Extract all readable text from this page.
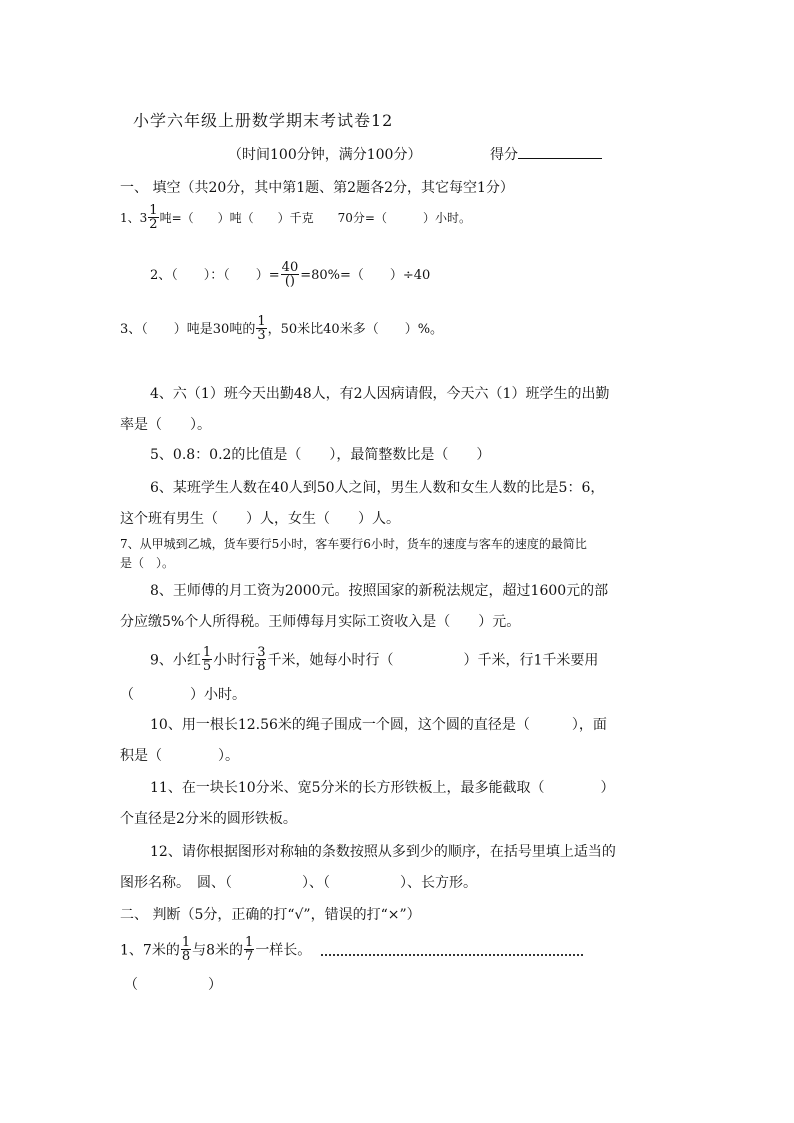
小学六年级上册数学期末考试卷12
（时间100分钟，满分100分）	得分
一、 填空（共20分，其中第1题、第2题各2分，其它每空1分）
1、$3 \frac{1}{2}$ 吨=（　　）吨（　　）千克　　70分=（　　　）小时。
2、（　　）：（　　）= $\frac{40}{()} =80\%=$（　　）÷40
3、（　　）吨是30吨的 $\frac{1}{3}$ ，50米比40米多（　　）%。
4、六（1）班今天出勤48人，有2人因病请假，今天六（1）班学生的出勤
率是（　　）。
5、0.8：0.2的比值是（　　），最简整数比是（　　）
6、某班学生人数在40人到50人之间，男生人数和女生人数的比是5：6，
这个班有男生（　　）人，女生（　　）人。
7、从甲城到乙城，货车要行5小时，客车要行6小时，货车的速度与客车的速度的最简比
是（　）。
8、王师傅的月工资为2000元。按照国家的新税法规定，超过1600元的部
分应缴5%个人所得税。王师傅每月实际工资收入是（　　）元。
9、小红 $\frac{1}{5}$ 小时行 $\frac{3}{8}$ 千米，她每小时行（　　　　　）千米，行1千米要用
（　　　　）小时。
10、用一根长12.56米的绳子围成一个圆，这个圆的直径是（　　　），面
积是（　　　　）。
11、在一块长10分米、宽5分米的长方形铁板上，最多能截取（　　　　）
个直径是2分米的圆形铁板。
12、请你根据图形对称轴的条数按照从多到少的顺序，在括号里填上适当的
图形名称。　圆、（　　　　　）、（　　　　　）、长方形。
二、 判断（5分，正确的打“√”，错误的打“×”）
1、7米的 $\frac{1}{8}$ 与8米的 $\frac{1}{7}$ 一样长。
（　　　　　）
